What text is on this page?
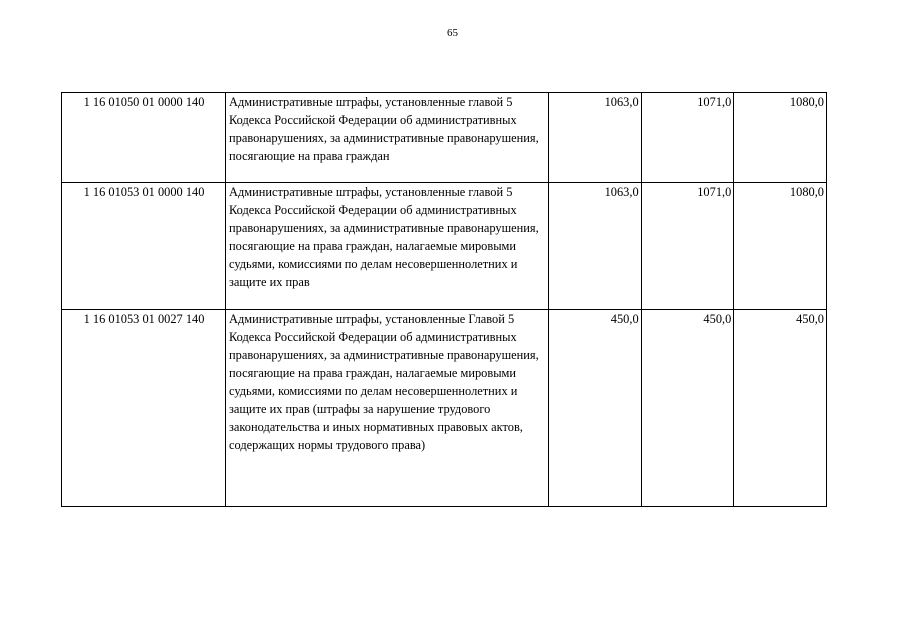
65
1 16 01050 01 0000 140	Административные штрафы, установленные главой 5 Кодекса Российской Федерации об административных правонарушениях, за административные правонарушения, посягающие на права граждан	1063,0	1071,0	1080,0
1 16 01053 01 0000 140	Административные штрафы, установленные главой 5 Кодекса Российской Федерации об административных правонарушениях, за административные правонарушения, посягающие на права граждан, налагаемые мировыми судьями, комиссиями по делам несовершеннолетних и защите их прав	1063,0	1071,0	1080,0
1 16 01053 01 0027 140	Административные штрафы, установленные Главой 5 Кодекса Российской Федерации об административных правонарушениях, за административные правонарушения, посягающие на права граждан, налагаемые мировыми судьями, комиссиями по делам несовершеннолетних и защите их прав (штрафы за нарушение трудового законодательства и иных нормативных правовых актов, содержащих нормы трудового права)	450,0	450,0	450,0
